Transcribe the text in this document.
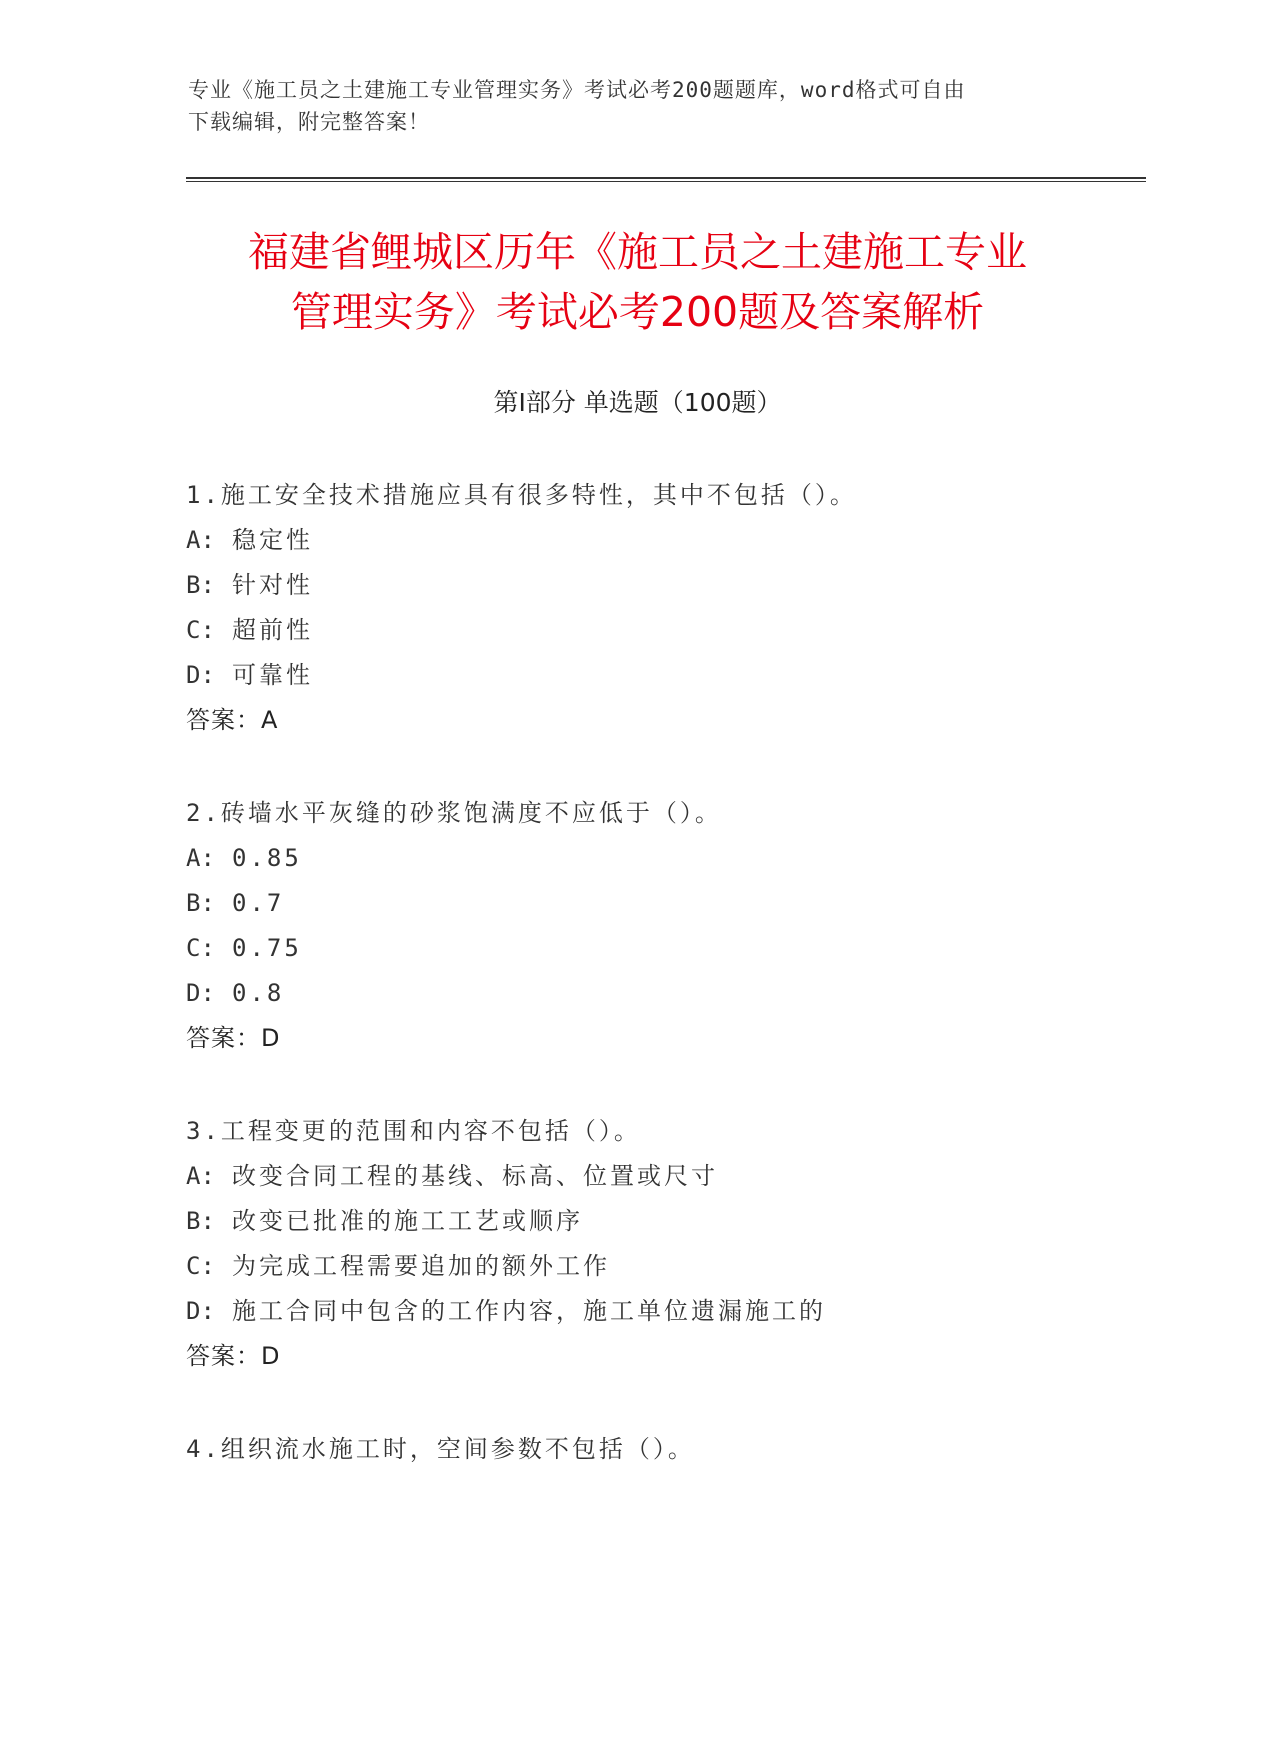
专业《施工员之土建施工专业管理实务》考试必考200题题库，word格式可自由
下载编辑，附完整答案！
福建省鲤城区历年《施工员之土建施工专业
管理实务》考试必考200题及答案解析
第Ⅰ部分 单选题（100题）
1.施工安全技术措施应具有很多特性，其中不包括（）。
A: 稳定性
B: 针对性
C: 超前性
D: 可靠性
答案：A
2.砖墙水平灰缝的砂浆饱满度不应低于（）。
A: 0.85
B: 0.7
C: 0.75
D: 0.8
答案：D
3.工程变更的范围和内容不包括（）。
A: 改变合同工程的基线、标高、位置或尺寸
B: 改变已批准的施工工艺或顺序
C: 为完成工程需要追加的额外工作
D: 施工合同中包含的工作内容，施工单位遗漏施工的
答案：D
4.组织流水施工时，空间参数不包括（）。
